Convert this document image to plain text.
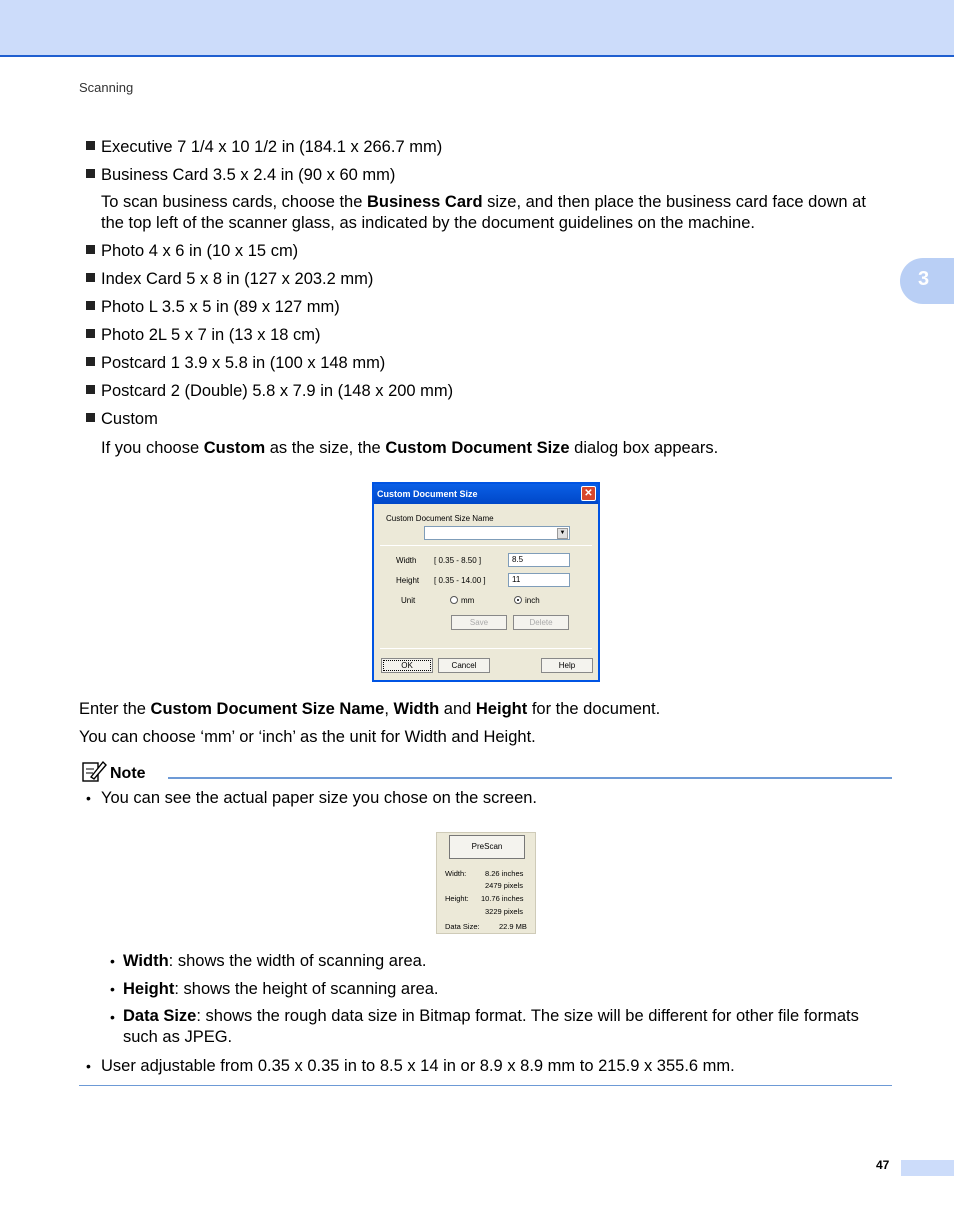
Scanning
3
Executive 7 1/4 x 10 1/2 in (184.1 x 266.7 mm)
Business Card 3.5 x 2.4 in (90 x 60 mm)
To scan business cards, choose the Business Card size, and then place the business card face down at
the top left of the scanner glass, as indicated by the document guidelines on the machine.
Photo 4 x 6 in (10 x 15 cm)
Index Card 5 x 8 in (127 x 203.2 mm)
Photo L 3.5 x 5 in (89 x 127 mm)
Photo 2L 5 x 7 in (13 x 18 cm)
Postcard 1 3.9 x 5.8 in (100 x 148 mm)
Postcard 2 (Double) 5.8 x 7.9 in (148 x 200 mm)
Custom
If you choose Custom as the size, the Custom Document Size dialog box appears.
Custom Document Size	✕
Custom Document Size Name
▼
Width [ 0.35 - 8.50 ]	8.5
Height [ 0.35 - 14.00 ]	11
Unit	mm	inch
Save	Delete
OK	Cancel	Help
Enter the Custom Document Size Name, Width and Height for the document.
You can choose ‘mm’ or ‘inch’ as the unit for Width and Height.
Note
• You can see the actual paper size you chose on the screen.
PreScan
Width: 8.26 inches
2479 pixels
Height: 10.76 inches
3229 pixels
Data Size:	22.9 MB
• Width: shows the width of scanning area.
• Height: shows the height of scanning area.
• Data Size: shows the rough data size in Bitmap format. The size will be different for other file formats
such as JPEG.
• User adjustable from 0.35 x 0.35 in to 8.5 x 14 in or 8.9 x 8.9 mm to 215.9 x 355.6 mm.
47
